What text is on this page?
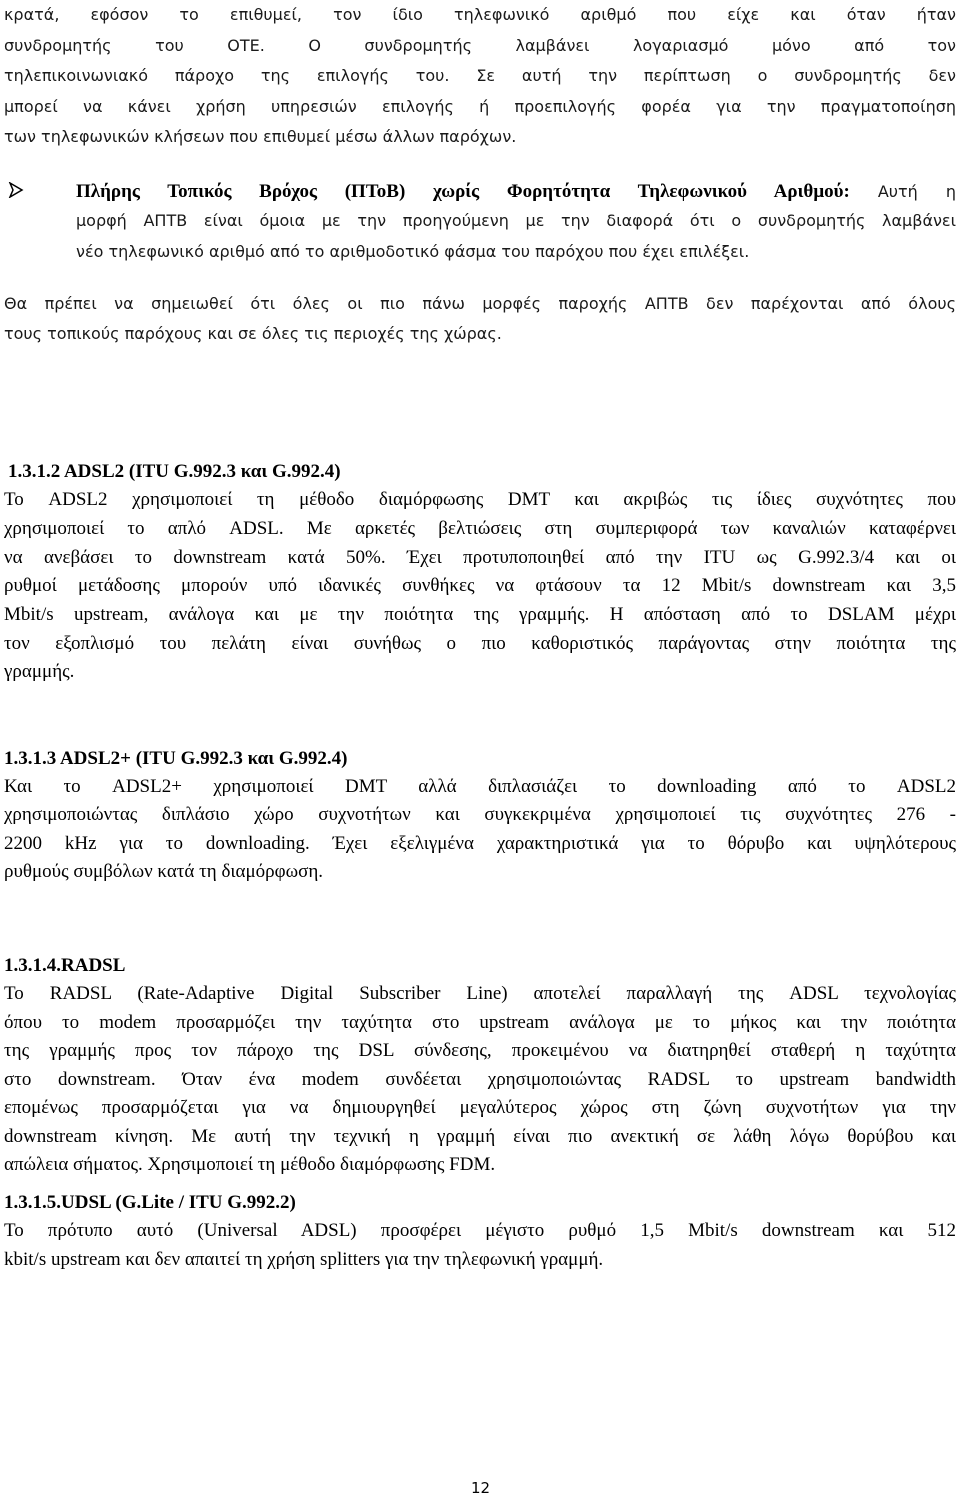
κρατά, εφόσον το επιθυμεί, τον ίδιο τηλεφωνικό αριθμό που είχε και όταν ήταν
συνδρομητής του ΟΤΕ. Ο συνδρομητής λαμβάνει λογαριασμό μόνο από τον
τηλεπικοινωνιακό πάροχο της επιλογής του. Σε αυτή την περίπτωση ο συνδρομητής δεν
μπορεί να κάνει χρήση υπηρεσιών επιλογής ή προεπιλογής φορέα για την πραγματοποίηση
των τηλεφωνικών κλήσεων που επιθυμεί μέσω άλλων παρόχων.
Πλήρης Τοπικός Βρόχος (ΠΤοΒ) χωρίς Φορητότητα Τηλεφωνικού Αριθμού: Αυτή η
μορφή ΑΠΤΒ είναι όμοια με την προηγούμενη με την διαφορά ότι ο συνδρομητής λαμβάνει
νέο τηλεφωνικό αριθμό από το αριθμοδοτικό φάσμα του παρόχου που έχει επιλέξει.
Θα πρέπει να σημειωθεί ότι όλες οι πιο πάνω μορφές παροχής ΑΠΤΒ δεν παρέχονται από όλους
τους τοπικούς παρόχους και σε όλες τις περιοχές της χώρας.
1.3.1.2 ADSL2 (ITU G.992.3 και G.992.4)
Το ADSL2 χρησιμοποιεί τη μέθοδο διαμόρφωσης DMT και ακριβώς τις ίδιες συχνότητες που
χρησιμοποιεί το απλό ADSL. Με αρκετές βελτιώσεις στη συμπεριφορά των καναλιών καταφέρνει
να ανεβάσει το downstream κατά 50%. Έχει προτυποποιηθεί από την ITU ως G.992.3/4 και οι
ρυθμοί μετάδοσης μπορούν υπό ιδανικές συνθήκες να φτάσουν τα 12 Mbit/s downstream και 3,5
Mbit/s upstream, ανάλογα και με την ποιότητα της γραμμής. Η απόσταση από το DSLAM μέχρι
τον εξοπλισμό του πελάτη είναι συνήθως ο πιο καθοριστικός παράγοντας στην ποιότητα της
γραμμής.
1.3.1.3 ADSL2+ (ITU G.992.3 και G.992.4)
Και το ADSL2+ χρησιμοποιεί DMT αλλά διπλασιάζει το downloading από το ADSL2
χρησιμοποιώντας διπλάσιο χώρο συχνοτήτων και συγκεκριμένα χρησιμοποιεί τις συχνότητες 276 -
2200 kHz για το downloading. Έχει εξελιγμένα χαρακτηριστικά για το θόρυβο και υψηλότερους
ρυθμούς συμβόλων κατά τη διαμόρφωση.
1.3.1.4.RADSL
Το RADSL (Rate-Adaptive Digital Subscriber Line) αποτελεί παραλλαγή της ADSL τεχνολογίας
όπου το modem προσαρμόζει την ταχύτητα στο upstream ανάλογα με το μήκος και την ποιότητα
της γραμμής προς τον πάροχο της DSL σύνδεσης, προκειμένου να διατηρηθεί σταθερή η ταχύτητα
στο downstream. Όταν ένα modem συνδέεται χρησιμοποιώντας RADSL το upstream bandwidth
επομένως προσαρμόζεται για να δημιουργηθεί μεγαλύτερος χώρος στη ζώνη συχνοτήτων για την
downstream κίνηση. Με αυτή την τεχνική η γραμμή είναι πιο ανεκτική σε λάθη λόγω θορύβου και
απώλεια σήματος. Χρησιμοποιεί τη μέθοδο διαμόρφωσης FDM.
1.3.1.5.UDSL (G.Lite / ITU G.992.2)
Το πρότυπο αυτό (Universal ADSL) προσφέρει μέγιστο ρυθμό 1,5 Mbit/s downstream και 512
kbit/s upstream και δεν απαιτεί τη χρήση splitters για την τηλεφωνική γραμμή.
12
